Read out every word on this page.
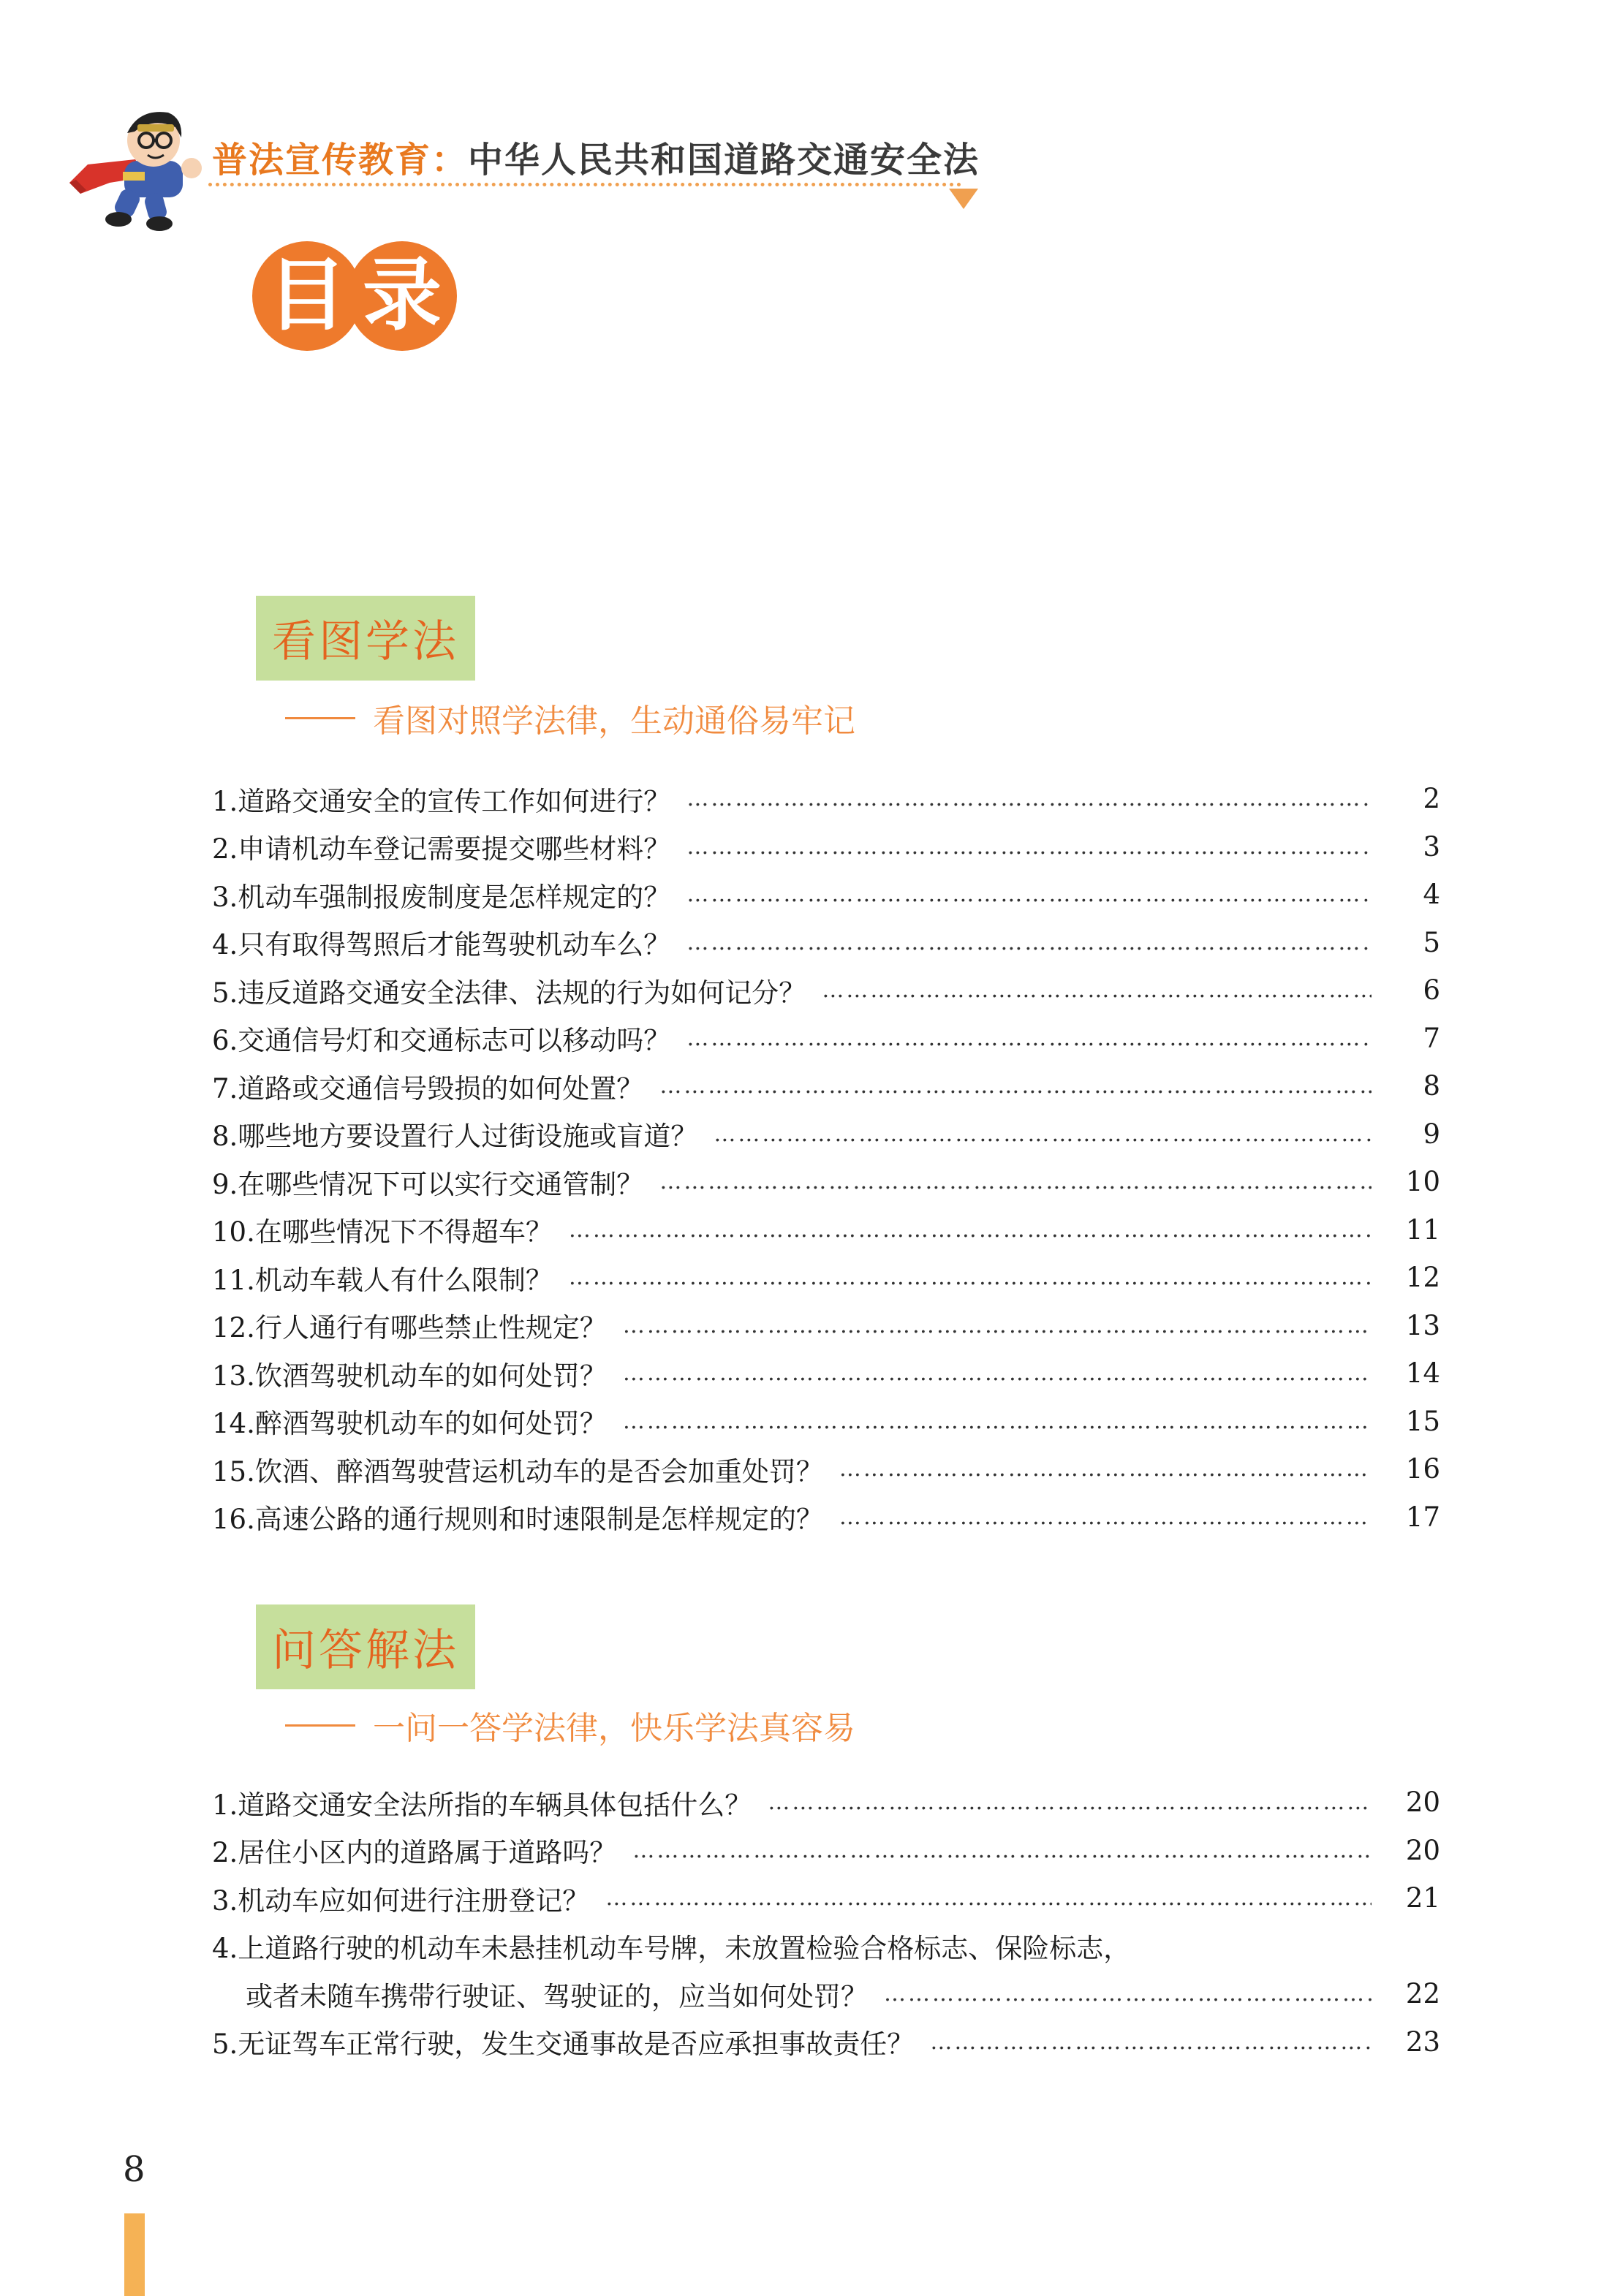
普法宣传教育：中华人民共和国道路交通安全法
目 录
看图学法
看图对照学法律，生动通俗易牢记
1.道路交通安全的宣传工作如何进行？ …………………………………………………………………………………………………………………………………………………………	2
2.申请机动车登记需要提交哪些材料？ …………………………………………………………………………………………………………………………………………………………	3
3.机动车强制报废制度是怎样规定的？ …………………………………………………………………………………………………………………………………………………………	4
4.只有取得驾照后才能驾驶机动车么？ …………………………………………………………………………………………………………………………………………………………	5
5.违反道路交通安全法律、法规的行为如何记分？ …………………………………………………………………………………………………………………………………………………………	6
6.交通信号灯和交通标志可以移动吗？ …………………………………………………………………………………………………………………………………………………………	7
7.道路或交通信号毁损的如何处置？ …………………………………………………………………………………………………………………………………………………………	8
8.哪些地方要设置行人过街设施或盲道？ …………………………………………………………………………………………………………………………………………………………	9
9.在哪些情况下可以实行交通管制？ …………………………………………………………………………………………………………………………………………………………	10
10.在哪些情况下不得超车？ …………………………………………………………………………………………………………………………………………………………	11
11.机动车载人有什么限制？ …………………………………………………………………………………………………………………………………………………………	12
12.行人通行有哪些禁止性规定？ …………………………………………………………………………………………………………………………………………………………	13
13.饮酒驾驶机动车的如何处罚？ …………………………………………………………………………………………………………………………………………………………	14
14.醉酒驾驶机动车的如何处罚？ …………………………………………………………………………………………………………………………………………………………	15
15.饮酒、醉酒驾驶营运机动车的是否会加重处罚？ …………………………………………………………………………………………………………………………………………………………	16
16.高速公路的通行规则和时速限制是怎样规定的？ …………………………………………………………………………………………………………………………………………………………	17
问答解法
一问一答学法律，快乐学法真容易
1.道路交通安全法所指的车辆具体包括什么？ …………………………………………………………………………………………………………………………………………………………	20
2.居住小区内的道路属于道路吗？ …………………………………………………………………………………………………………………………………………………………	20
3.机动车应如何进行注册登记？ …………………………………………………………………………………………………………………………………………………………	21
4.上道路行驶的机动车未悬挂机动车号牌，未放置检验合格标志、保险标志，
或者未随车携带行驶证、驾驶证的，应当如何处罚？ …………………………………………………………………………………………………………………………………………………………	22
5.无证驾车正常行驶，发生交通事故是否应承担事故责任？ …………………………………………………………………………………………………………………………………………………………	23
8
